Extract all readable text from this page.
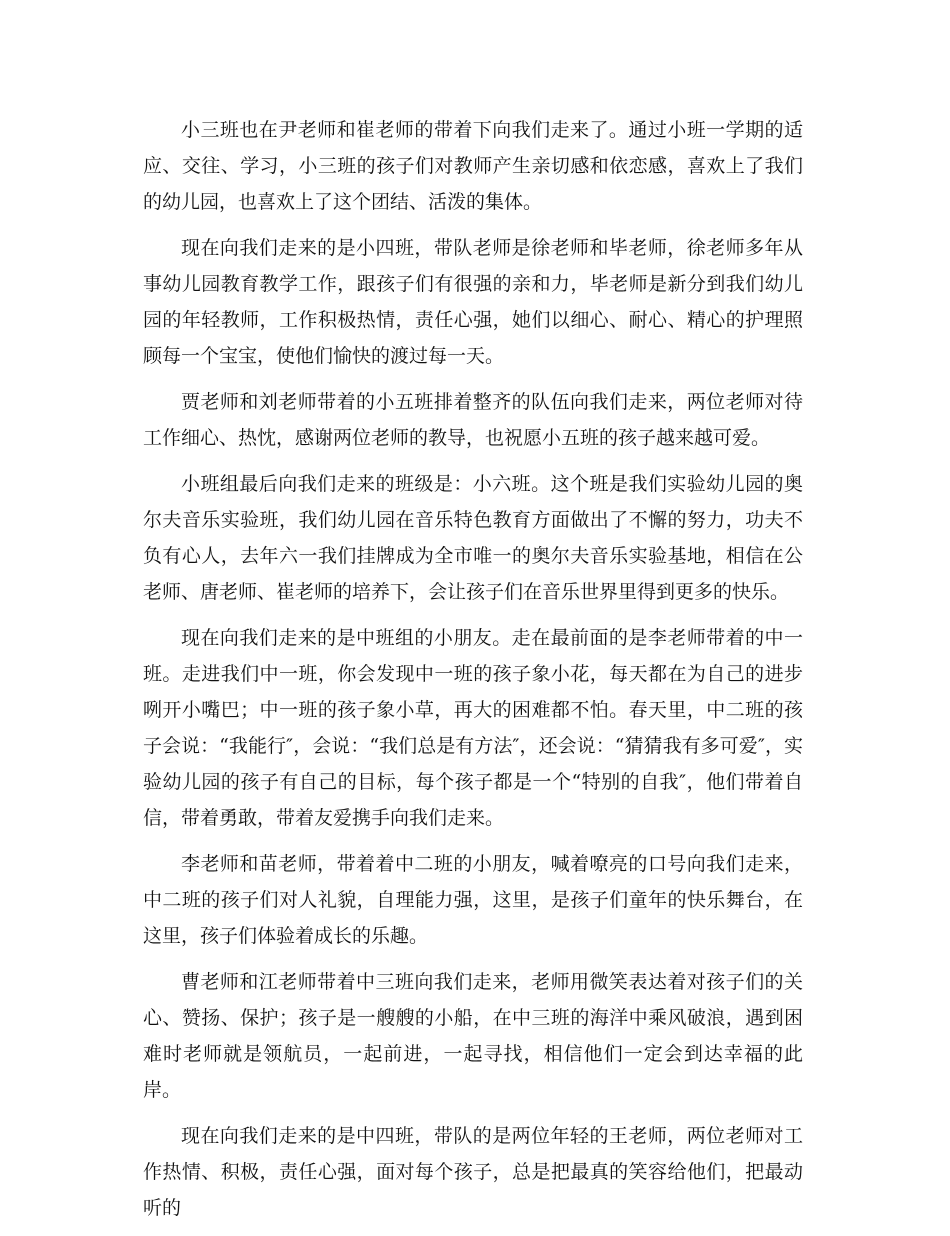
小三班也在尹老师和崔老师的带着下向我们走来了。通过小班一学期的适应、交往、学习，小三班的孩子们对教师产生亲切感和依恋感，喜欢上了我们的幼儿园，也喜欢上了这个团结、活泼的集体。

现在向我们走来的是小四班，带队老师是徐老师和毕老师，徐老师多年从事幼儿园教育教学工作，跟孩子们有很强的亲和力，毕老师是新分到我们幼儿园的年轻教师，工作积极热情，责任心强，她们以细心、耐心、精心的护理照顾每一个宝宝，使他们愉快的渡过每一天。

贾老师和刘老师带着的小五班排着整齐的队伍向我们走来，两位老师对待工作细心、热忱，感谢两位老师的教导，也祝愿小五班的孩子越来越可爱。

小班组最后向我们走来的班级是：小六班。这个班是我们实验幼儿园的奥尔夫音乐实验班，我们幼儿园在音乐特色教育方面做出了不懈的努力，功夫不负有心人，去年六一我们挂牌成为全市唯一的奥尔夫音乐实验基地，相信在公老师、唐老师、崔老师的培养下，会让孩子们在音乐世界里得到更多的快乐。

现在向我们走来的是中班组的小朋友。走在最前面的是李老师带着的中一班。走进我们中一班，你会发现中一班的孩子象小花，每天都在为自己的进步咧开小嘴巴；中一班的孩子象小草，再大的困难都不怕。春天里，中二班的孩子会说：“我能行″，会说：“我们总是有方法″，还会说：“猜猜我有多可爱″，实验幼儿园的孩子有自己的目标，每个孩子都是一个“特别的自我″，他们带着自信，带着勇敢，带着友爱携手向我们走来。

李老师和苗老师，带着着中二班的小朋友，喊着嘹亮的口号向我们走来，中二班的孩子们对人礼貌，自理能力强，这里，是孩子们童年的快乐舞台，在这里，孩子们体验着成长的乐趣。

曹老师和江老师带着中三班向我们走来，老师用微笑表达着对孩子们的关心、赞扬、保护；孩子是一艘艘的小船，在中三班的海洋中乘风破浪，遇到困难时老师就是领航员，一起前进，一起寻找，相信他们一定会到达幸福的此岸。

现在向我们走来的是中四班，带队的是两位年轻的王老师，两位老师对工作热情、积极，责任心强，面对每个孩子，总是把最真的笑容给他们，把最动听的
